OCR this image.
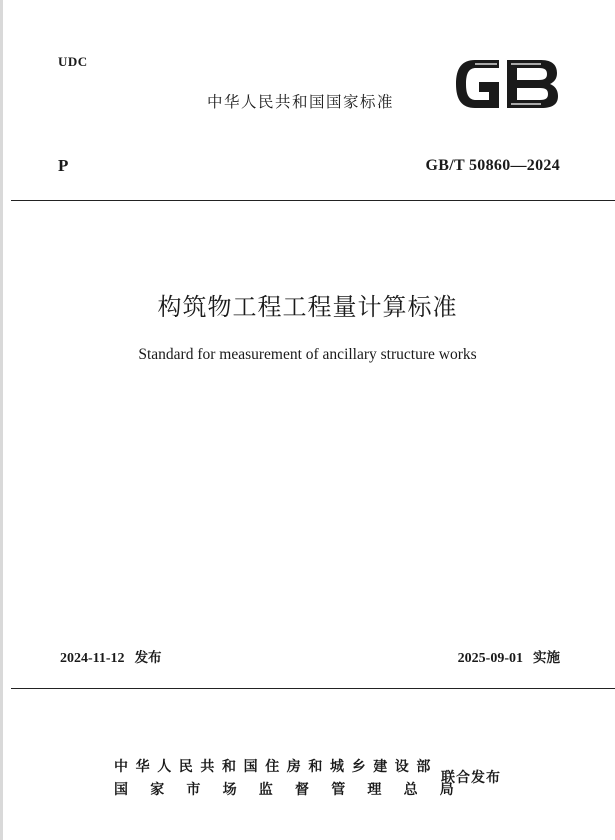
UDC
中华人民共和国国家标准
P	GB/T 50860—2024
构筑物工程工程量计算标准
Standard for measurement of ancillary structure works
2024-11-12 发布	2025-09-01 实施
中华人民共和国住房和城乡建设部
国家市场监督管理总局
联合发布
